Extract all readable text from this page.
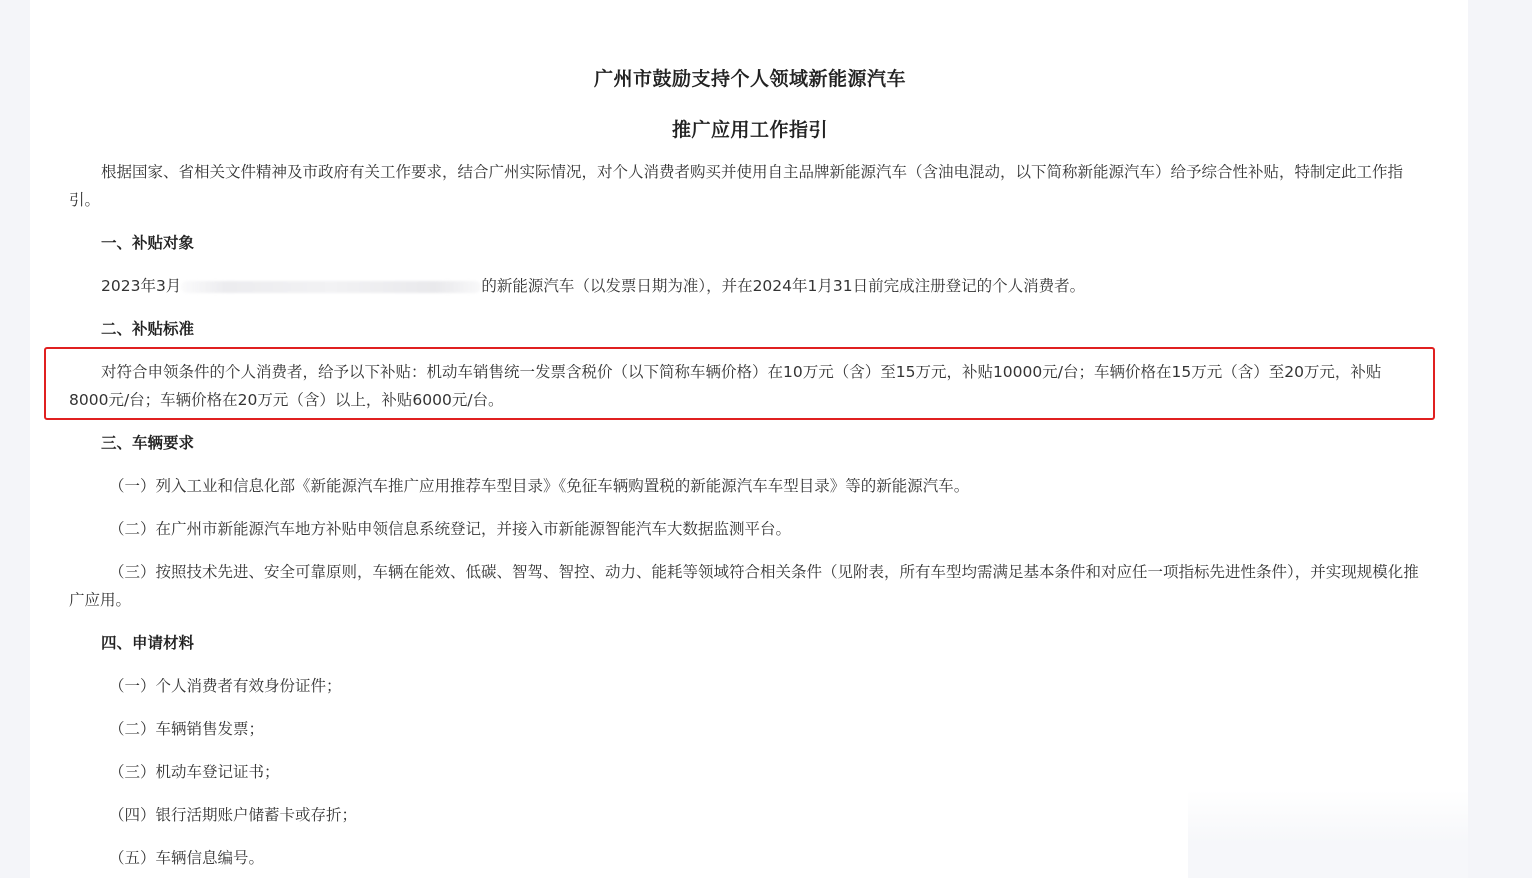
广州市鼓励支持个人领域新能源汽车
推广应用工作指引
根据国家、省相关文件精神及市政府有关工作要求，结合广州实际情况，对个人消费者购买并使用自主品牌新能源汽车（含油电混动，以下简称新能源汽车）给予综合性补贴，特制定此工作指引。
一、补贴对象
2023年3月	的新能源汽车（以发票日期为准），并在2024年1月31日前完成注册登记的个人消费者。
二、补贴标准
对符合申领条件的个人消费者，给予以下补贴：机动车销售统一发票含税价（以下简称车辆价格）在10万元（含）至15万元，补贴10000元/台；车辆价格在15万元（含）至20万元，补贴8000元/台；车辆价格在20万元（含）以上，补贴6000元/台。
三、车辆要求
（一）列入工业和信息化部《新能源汽车推广应用推荐车型目录》《免征车辆购置税的新能源汽车车型目录》等的新能源汽车。
（二）在广州市新能源汽车地方补贴申领信息系统登记，并接入市新能源智能汽车大数据监测平台。
（三）按照技术先进、安全可靠原则，车辆在能效、低碳、智驾、智控、动力、能耗等领域符合相关条件（见附表，所有车型均需满足基本条件和对应任一项指标先进性条件），并实现规模化推广应用。
四、申请材料
（一）个人消费者有效身份证件；
（二）车辆销售发票；
（三）机动车登记证书；
（四）银行活期账户储蓄卡或存折；
（五）车辆信息编号。
